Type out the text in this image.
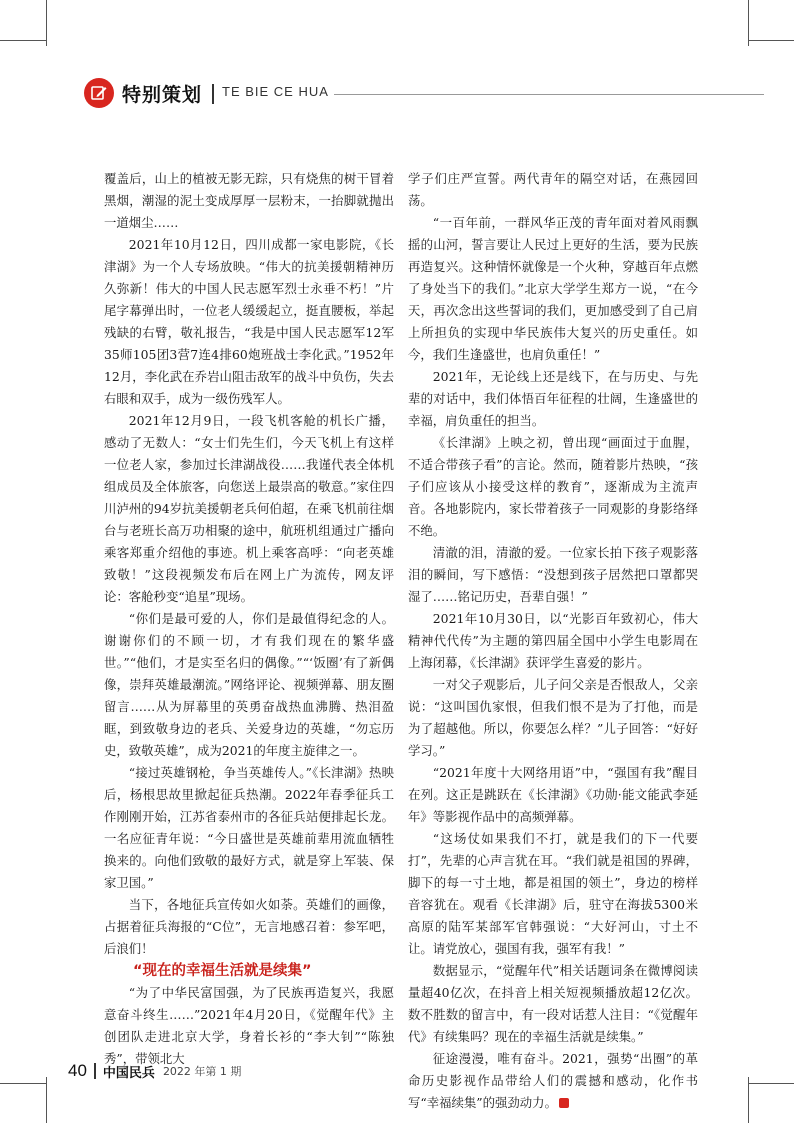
特别策划 TE BIE CE HUA

覆盖后，山上的植被无影无踪，只有烧焦的树干冒着黑烟，潮湿的泥土变成厚厚一层粉末，一抬脚就抛出一道烟尘……

2021年10月12日，四川成都一家电影院，《长津湖》为一个人专场放映。“伟大的抗美援朝精神历久弥新！伟大的中国人民志愿军烈士永垂不朽！”片尾字幕弹出时，一位老人缓缓起立，挺直腰板，举起残缺的右臂，敬礼报告，“我是中国人民志愿军12军35师105团3营7连4排60炮班战士李化武。”1952年12月，李化武在乔岩山阻击敌军的战斗中负伤，失去右眼和双手，成为一级伤残军人。

2021年12月9日，一段飞机客舱的机长广播，感动了无数人：“女士们先生们，今天飞机上有这样一位老人家，参加过长津湖战役……我谨代表全体机组成员及全体旅客，向您送上最崇高的敬意。”家住四川泸州的94岁抗美援朝老兵何伯超，在乘飞机前往烟台与老班长高万功相聚的途中，航班机组通过广播向乘客郑重介绍他的事迹。机上乘客高呼：“向老英雄致敬！”这段视频发布后在网上广为流传，网友评论：客舱秒变“追星”现场。

“你们是最可爱的人，你们是最值得纪念的人。谢谢你们的不顾一切，才有我们现在的繁华盛世。”“他们，才是实至名归的偶像。”“‘饭圈’有了新偶像，崇拜英雄最潮流。”网络评论、视频弹幕、朋友圈留言……从为屏幕里的英勇奋战热血沸腾、热泪盈眶，到致敬身边的老兵、关爱身边的英雄，“勿忘历史，致敬英雄”，成为2021的年度主旋律之一。

“接过英雄钢枪，争当英雄传人。”《长津湖》热映后，杨根思故里掀起征兵热潮。2022年春季征兵工作刚刚开始，江苏省泰州市的各征兵站便排起长龙。一名应征青年说：“今日盛世是英雄前辈用流血牺牲换来的。向他们致敬的最好方式，就是穿上军装、保家卫国。”

当下，各地征兵宣传如火如荼。英雄们的画像，占据着征兵海报的“C位”，无言地感召着：参军吧，后浪们！

“现在的幸福生活就是续集”

“为了中华民富国强，为了民族再造复兴，我愿意奋斗终生……”2021年4月20日，《觉醒年代》主创团队走进北京大学，身着长衫的“李大钊”“陈独秀”，带领北大

学子们庄严宣誓。两代青年的隔空对话，在燕园回荡。

“一百年前，一群风华正茂的青年面对着风雨飘摇的山河，誓言要让人民过上更好的生活，要为民族再造复兴。这种情怀就像是一个火种，穿越百年点燃了身处当下的我们。”北京大学学生郑方一说，“在今天，再次念出这些誓词的我们，更加感受到了自己肩上所担负的实现中华民族伟大复兴的历史重任。如今，我们生逢盛世，也肩负重任！”

2021年，无论线上还是线下，在与历史、与先辈的对话中，我们体悟百年征程的壮阔，生逢盛世的幸福，肩负重任的担当。

《长津湖》上映之初，曾出现“画面过于血腥，不适合带孩子看”的言论。然而，随着影片热映，“孩子们应该从小接受这样的教育”，逐渐成为主流声音。各地影院内，家长带着孩子一同观影的身影络绎不绝。

清澈的泪，清澈的爱。一位家长拍下孩子观影落泪的瞬间，写下感悟：“没想到孩子居然把口罩都哭湿了……铭记历史，吾辈自强！”

2021年10月30日，以“光影百年致初心，伟大精神代代传”为主题的第四届全国中小学生电影周在上海闭幕，《长津湖》获评学生喜爱的影片。

一对父子观影后，儿子问父亲是否恨敌人，父亲说：“这叫国仇家恨，但我们恨不是为了打他，而是为了超越他。所以，你要怎么样？”儿子回答：“好好学习。”

“2021年度十大网络用语”中，“强国有我”醒目在列。这正是跳跃在《长津湖》《功勋·能文能武李延年》等影视作品中的高频弹幕。

“这场仗如果我们不打，就是我们的下一代要打”，先辈的心声言犹在耳。“我们就是祖国的界碑，脚下的每一寸土地，都是祖国的领土”，身边的榜样音容犹在。观看《长津湖》后，驻守在海拔5300米高原的陆军某部军官韩强说：“大好河山，寸土不让。请党放心，强国有我，强军有我！”

数据显示，“觉醒年代”相关话题词条在微博阅读量超40亿次，在抖音上相关短视频播放超12亿次。数不胜数的留言中，有一段对话惹人注目：“《觉醒年代》有续集吗？现在的幸福生活就是续集。”

征途漫漫，唯有奋斗。2021，强势“出圈”的革命历史影视作品带给人们的震撼和感动，化作书写“幸福续集”的强劲动力。

40 中国民兵 2022 年第 1 期
